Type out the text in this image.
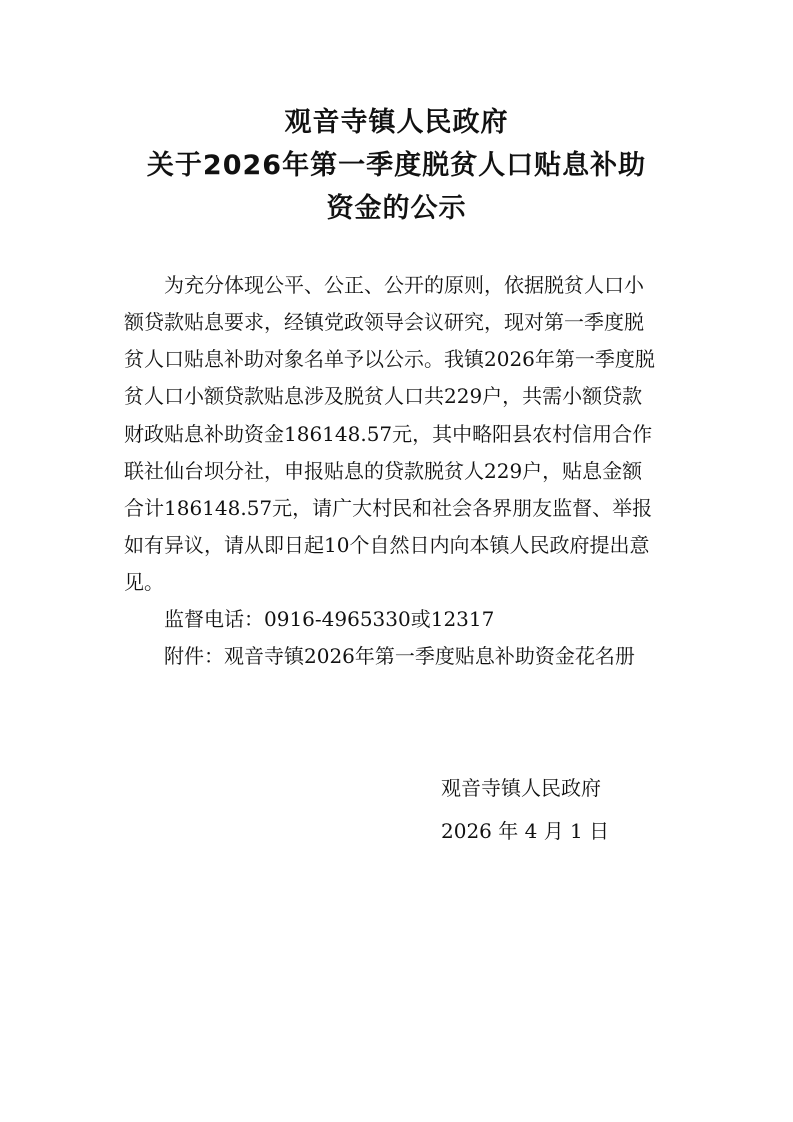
观音寺镇人民政府
关于2026年第一季度脱贫人口贴息补助
资金的公示
为充分体现公平、公正、公开的原则，依据脱贫人口小
额贷款贴息要求，经镇党政领导会议研究，现对第一季度脱
贫人口贴息补助对象名单予以公示。我镇2026年第一季度脱
贫人口小额贷款贴息涉及脱贫人口共229户，共需小额贷款
财政贴息补助资金186148.57元，其中略阳县农村信用合作
联社仙台坝分社，申报贴息的贷款脱贫人229户，贴息金额
合计186148.57元，请广大村民和社会各界朋友监督、举报
如有异议，请从即日起10个自然日内向本镇人民政府提出意
见。
监督电话：0916-4965330或12317
附件：观音寺镇2026年第一季度贴息补助资金花名册
观音寺镇人民政府
2026 年 4 月 1 日
